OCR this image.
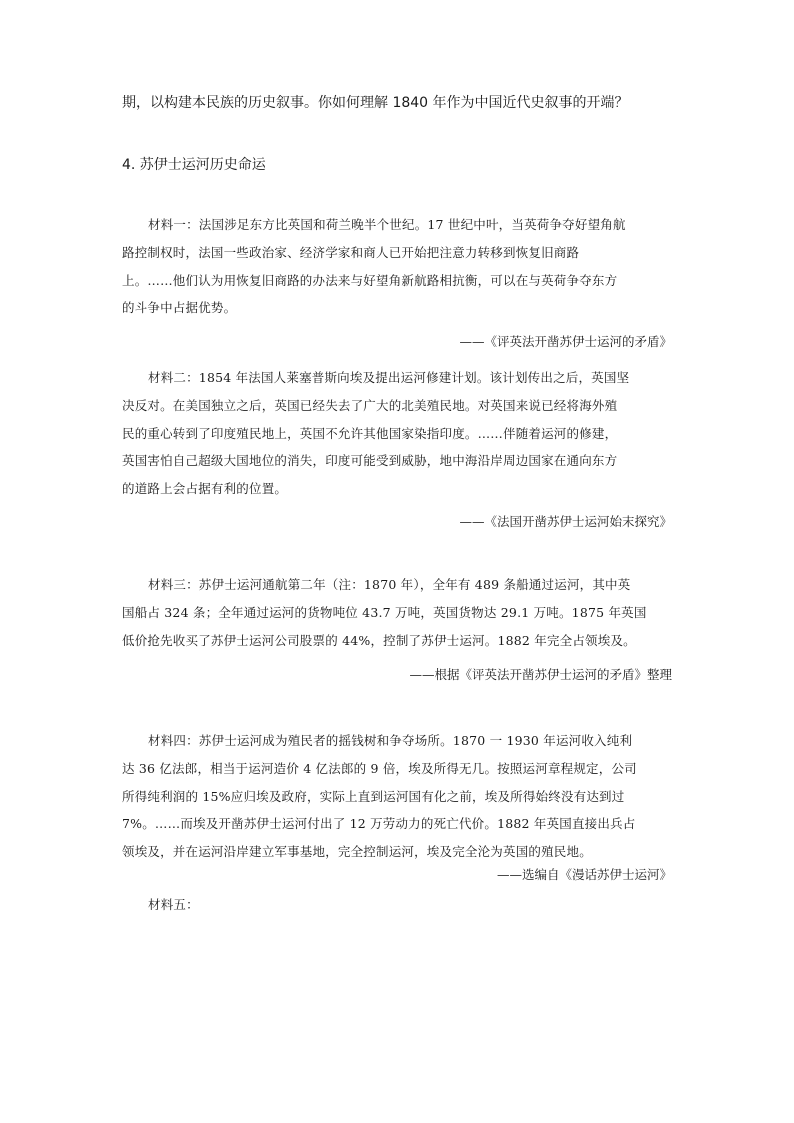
期，以构建本民族的历史叙事。你如何理解 1840 年作为中国近代史叙事的开端？
4. 苏伊士运河历史命运
材料一：法国涉足东方比英国和荷兰晚半个世纪。17 世纪中叶，当英荷争夺好望角航
路控制权时，法国一些政治家、经济学家和商人已开始把注意力转移到恢复旧商路
上。……他们认为用恢复旧商路的办法来与好望角新航路相抗衡，可以在与英荷争夺东方
的斗争中占据优势。
——《评英法开凿苏伊士运河的矛盾》
材料二：1854 年法国人莱塞普斯向埃及提出运河修建计划。该计划传出之后，英国坚
决反对。在美国独立之后，英国已经失去了广大的北美殖民地。对英国来说已经将海外殖
民的重心转到了印度殖民地上，英国不允许其他国家染指印度。……伴随着运河的修建，
英国害怕自己超级大国地位的消失，印度可能受到威胁，地中海沿岸周边国家在通向东方
的道路上会占据有利的位置。
——《法国开凿苏伊士运河始末探究》
材料三：苏伊士运河通航第二年（注：1870 年），全年有 489 条船通过运河，其中英
国船占 324 条；全年通过运河的货物吨位 43.7 万吨，英国货物达 29.1 万吨。1875 年英国
低价抢先收买了苏伊士运河公司股票的 44%，控制了苏伊士运河。1882 年完全占领埃及。
——根据《评英法开凿苏伊士运河的矛盾》整理
材料四：苏伊士运河成为殖民者的摇钱树和争夺场所。1870 一 1930 年运河收入纯利
达 36 亿法郎，相当于运河造价 4 亿法郎的 9 倍，埃及所得无几。按照运河章程规定，公司
所得纯利润的 15%应归埃及政府，实际上直到运河国有化之前，埃及所得始终没有达到过
7%。……而埃及开凿苏伊士运河付出了 12 万劳动力的死亡代价。1882 年英国直接出兵占
领埃及，并在运河沿岸建立军事基地，完全控制运河，埃及完全沦为英国的殖民地。
——选编自《漫话苏伊士运河》
材料五：
